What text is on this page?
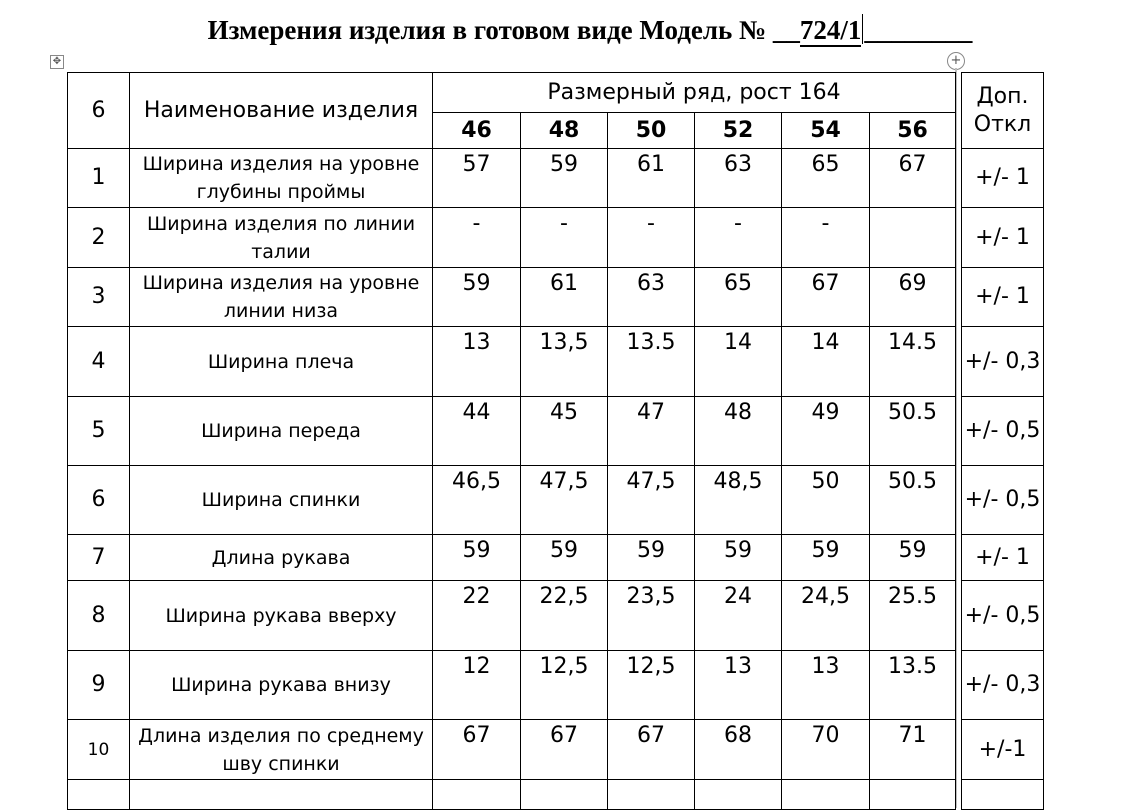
Измерения изделия в готовом виде Модель № __724/1 ________
✥	+
6	Наименование изделия	Размерный ряд, рост 164							Доп. Откл
		46	48	50	52	54	56		
1	Ширина изделия на уровне глубины проймы	57	59	61	63	65	67		+/- 1
2	Ширина изделия по линии талии	-	-	-	-	-			+/- 1
3	Ширина изделия на уровне линии низа	59	61	63	65	67	69		+/- 1
4	Ширина плеча	13	13,5	13.5	14	14	14.5		+/- 0,3
5	Ширина переда	44	45	47	48	49	50.5		+/- 0,5
6	Ширина спинки	46,5	47,5	47,5	48,5	50	50.5		+/- 0,5
7	Длина рукава	59	59	59	59	59	59		+/- 1
8	Ширина рукава вверху	22	22,5	23,5	24	24,5	25.5		+/- 0,5
9	Ширина рукава внизу	12	12,5	12,5	13	13	13.5		+/- 0,3
10	Длина изделия по среднему шву спинки	67	67	67	68	70	71		+/-1
